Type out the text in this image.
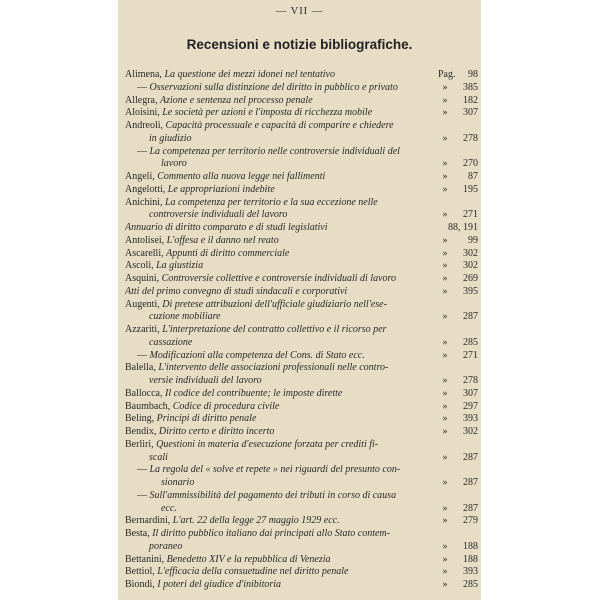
— VII —
Recensioni e notizie bibliografiche.
Alimena, La questione dei mezzi idonei nel tentativo	Pag. 98
— Osservazioni sulla distinzione del diritto in pubblico e privato	» 385
Allegra, Azione e sentenza nel processo penale	» 182
Aloisini, Le società per azioni e l'imposta di ricchezza mobile	» 307
Andreoli, Capacità processuale e capacità di comparire e chiedere
in giudizio	» 278
— La competenza per territorio nelle controversie individuali del
lavoro	» 270
Angeli, Commento alla nuova legge nei fallimenti	» 87
Angelotti, Le appropriazioni indebite	» 195
Anichini, La competenza per territorio e la sua eccezione nelle
controversie individuali del lavoro	» 271
Annuario di diritto comparato e di studi legislativi	88, 191
Antolisei, L'offesa e il danno nel reato	» 99
Ascarelli, Appunti di diritto commerciale	» 302
Ascoli, La giustizia	» 302
Asquini, Controversie collettive e controversie individuali di lavoro	» 269
Atti del primo convegno di studi sindacali e corporativi	» 395
Augenti, Di pretese attribuzioni dell'ufficiale giudiziario nell'ese-
cuzione mobiliare	» 287
Azzariti, L'interpretazione del contratto collettivo e il ricorso per
cassazione	» 285
— Modificazioni alla competenza del Cons. di Stato ecc.	» 271
Balella, L'intervento delle associazioni professionali nelle contro-
versie individuali del lavoro	» 278
Ballocca, Il codice del contribuente; le imposte dirette	» 307
Baumbach, Codice di procedura civile	» 297
Beling, Principi di diritto penale	» 393
Bendix, Diritto certo e diritto incerto	» 302
Berliri, Questioni in materia d'esecuzione forzata per crediti fi-
scali	» 287
— La regola del « solve et repete » nei riguardi del presunto con-
sionario	» 287
— Sull'ammissibilità del pagamento dei tributi in corso di causa
ecc.	» 287
Bernardini, L'art. 22 della legge 27 maggio 1929 ecc.	» 279
Besta, Il diritto pubblico italiano dai principati allo Stato contem-
poraneo	» 188
Bettanini, Benedetto XIV e la repubblica di Venezia	» 188
Bettiol, L'efficacia della consuetudine nel diritto penale	» 393
Biondi, I poteri del giudice d'inibitoria	» 285
